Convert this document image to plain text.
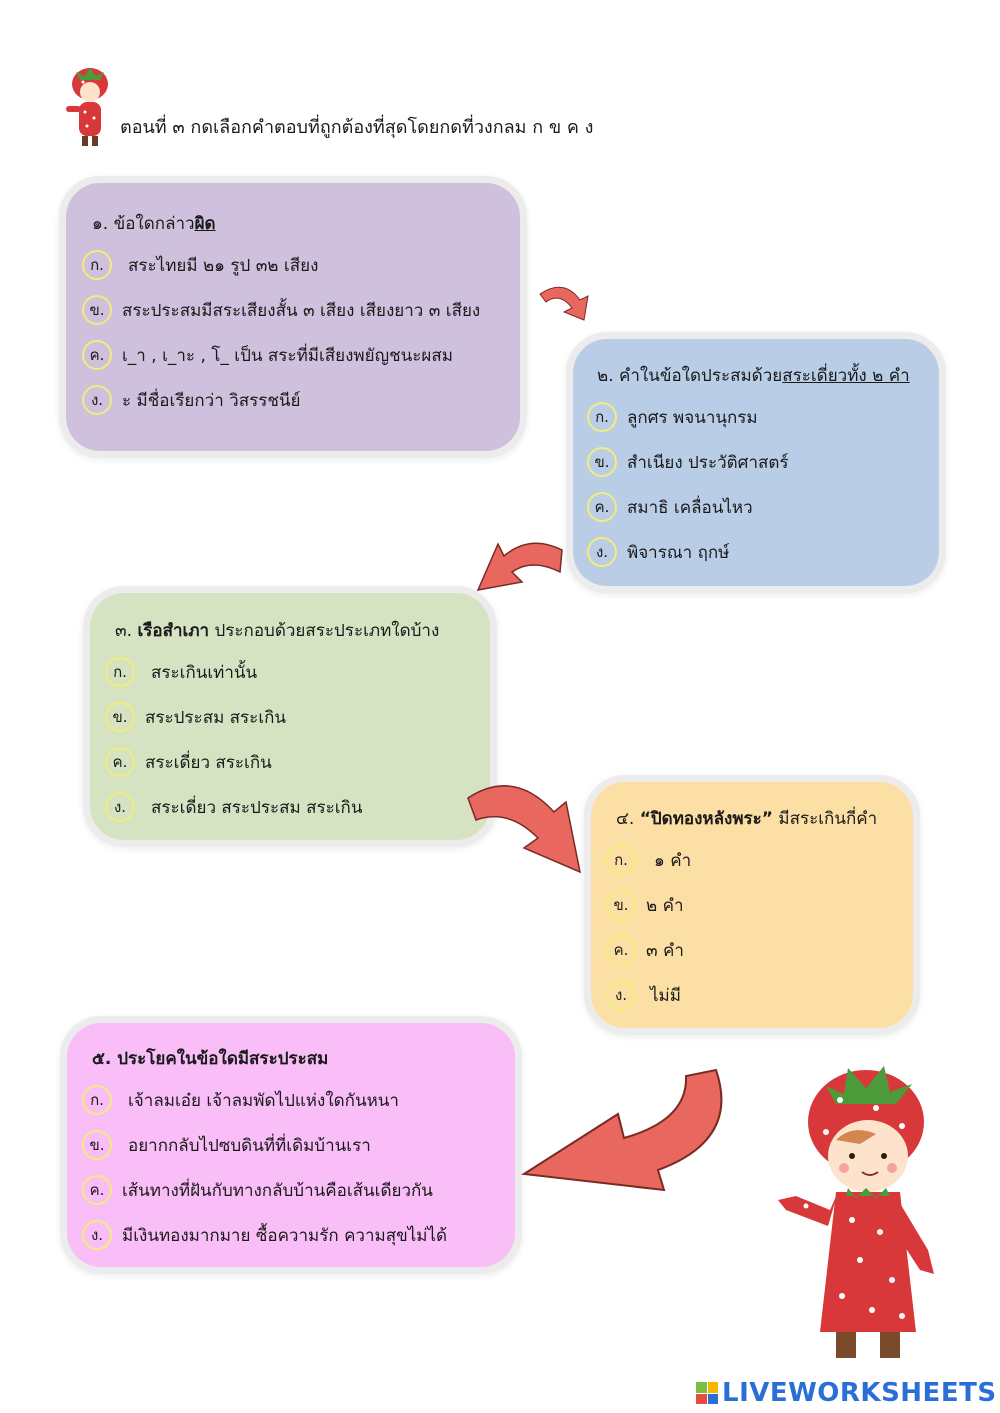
ตอนที่ ๓ กดเลือกคำตอบที่ถูกต้องที่สุดโดยกดที่วงกลม ก ข ค ง
๑. ข้อใดกล่าวผิด
ก.	สระไทยมี ๒๑ รูป ๓๒ เสียง
ข.	สระประสมมีสระเสียงสั้น ๓ เสียง เสียงยาว ๓ เสียง
ค.	เ_า , เ_าะ , โ_ เป็น สระที่มีเสียงพยัญชนะผสม
ง.	ะ มีชื่อเรียกว่า วิสรรชนีย์
๒. คำในข้อใดประสมด้วยสระเดี่ยวทั้ง ๒ คำ
ก.	ลูกศร พจนานุกรม
ข.	สำเนียง ประวัติศาสตร์
ค.	สมาธิ เคลื่อนไหว
ง.	พิจารณา ฤกษ์
๓. เรือสำเภา ประกอบด้วยสระประเภทใดบ้าง
ก.	สระเกินเท่านั้น
ข.	สระประสม สระเกิน
ค.	สระเดี่ยว สระเกิน
ง.	สระเดี่ยว สระประสม สระเกิน
๔. “ปิดทองหลังพระ” มีสระเกินกี่คำ
ก.	๑ คำ
ข.	๒ คำ
ค.	๓ คำ
ง.	ไม่มี
๕. ประโยคในข้อใดมีสระประสม
ก.	เจ้าลมเอ๋ย เจ้าลมพัดไปแห่งใดกันหนา
ข.	อยากกลับไปซบดินที่ที่เดิมบ้านเรา
ค.	เส้นทางที่ฝันกับทางกลับบ้านคือเส้นเดียวกัน
ง.	มีเงินทองมากมาย ซื้อความรัก ความสุขไม่ได้
LIVEWORKSHEETS
